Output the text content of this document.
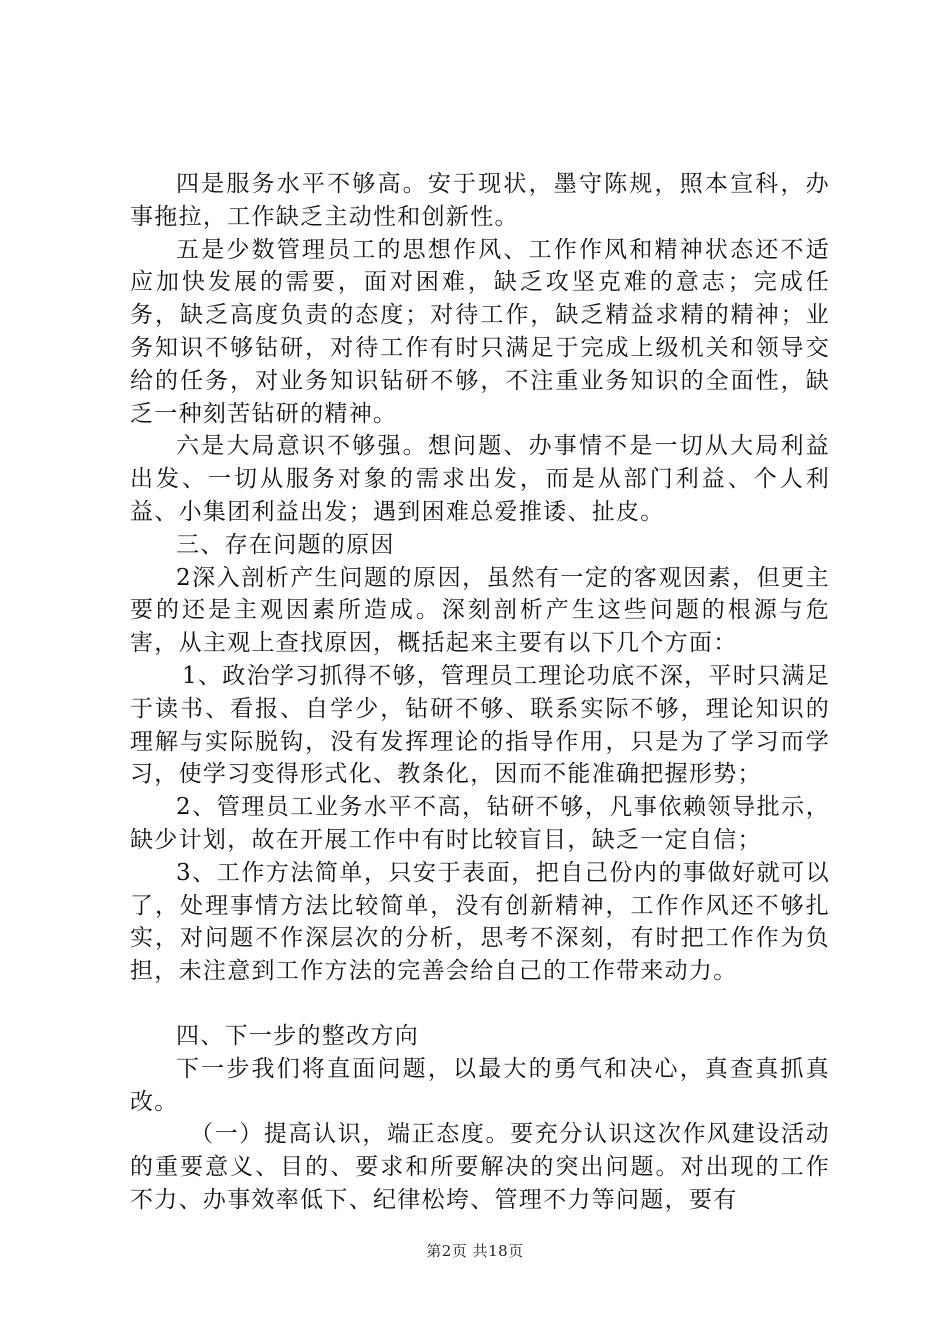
四是服务水平不够高。安于现状，墨守陈规，照本宣科，办事拖拉，工作缺乏主动性和创新性。

五是少数管理员工的思想作风、工作作风和精神状态还不适应加快发展的需要，面对困难，缺乏攻坚克难的意志；完成任务，缺乏高度负责的态度；对待工作，缺乏精益求精的精神；业务知识不够钻研，对待工作有时只满足于完成上级机关和领导交给的任务，对业务知识钻研不够，不注重业务知识的全面性，缺乏一种刻苦钻研的精神。

六是大局意识不够强。想问题、办事情不是一切从大局利益出发、一切从服务对象的需求出发，而是从部门利益、个人利益、小集团利益出发；遇到困难总爱推诿、扯皮。

三、存在问题的原因

2深入剖析产生问题的原因，虽然有一定的客观因素，但更主要的还是主观因素所造成。深刻剖析产生这些问题的根源与危害，从主观上查找原因，概括起来主要有以下几个方面：

1、政治学习抓得不够，管理员工理论功底不深，平时只满足于读书、看报、自学少，钻研不够、联系实际不够，理论知识的理解与实际脱钩，没有发挥理论的指导作用，只是为了学习而学习，使学习变得形式化、教条化，因而不能准确把握形势；

2、管理员工业务水平不高，钻研不够，凡事依赖领导批示，缺少计划，故在开展工作中有时比较盲目，缺乏一定自信；

3、工作方法简单，只安于表面，把自己份内的事做好就可以了，处理事情方法比较简单，没有创新精神，工作作风还不够扎实，对问题不作深层次的分析，思考不深刻，有时把工作作为负担，未注意到工作方法的完善会给自己的工作带来动力。

四、下一步的整改方向

下一步我们将直面问题，以最大的勇气和决心，真查真抓真改。

（一）提高认识，端正态度。要充分认识这次作风建设活动的重要意义、目的、要求和所要解决的突出问题。对出现的工作不力、办事效率低下、纪律松垮、管理不力等问题，要有

第2页 共18页
